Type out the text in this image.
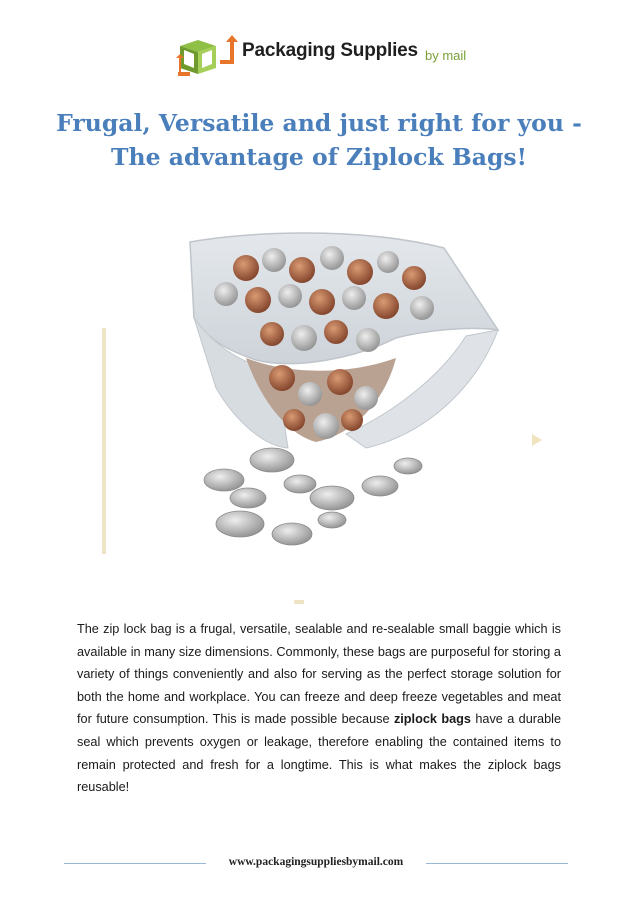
Packaging Supplies by mail
Frugal, Versatile and just right for you -
The advantage of Ziplock Bags!
The zip lock bag is a frugal, versatile, sealable and re-sealable small baggie which is available in many size dimensions. Commonly, these bags are purposeful for storing a variety of things conveniently and also for serving as the perfect storage solution for both the home and workplace. You can freeze and deep freeze vegetables and meat for future consumption. This is made possible because ziplock bags have a durable seal which prevents oxygen or leakage, therefore enabling the contained items to remain protected and fresh for a longtime. This is what makes the ziplock bags reusable!
www.packagingsuppliesbymail.com
